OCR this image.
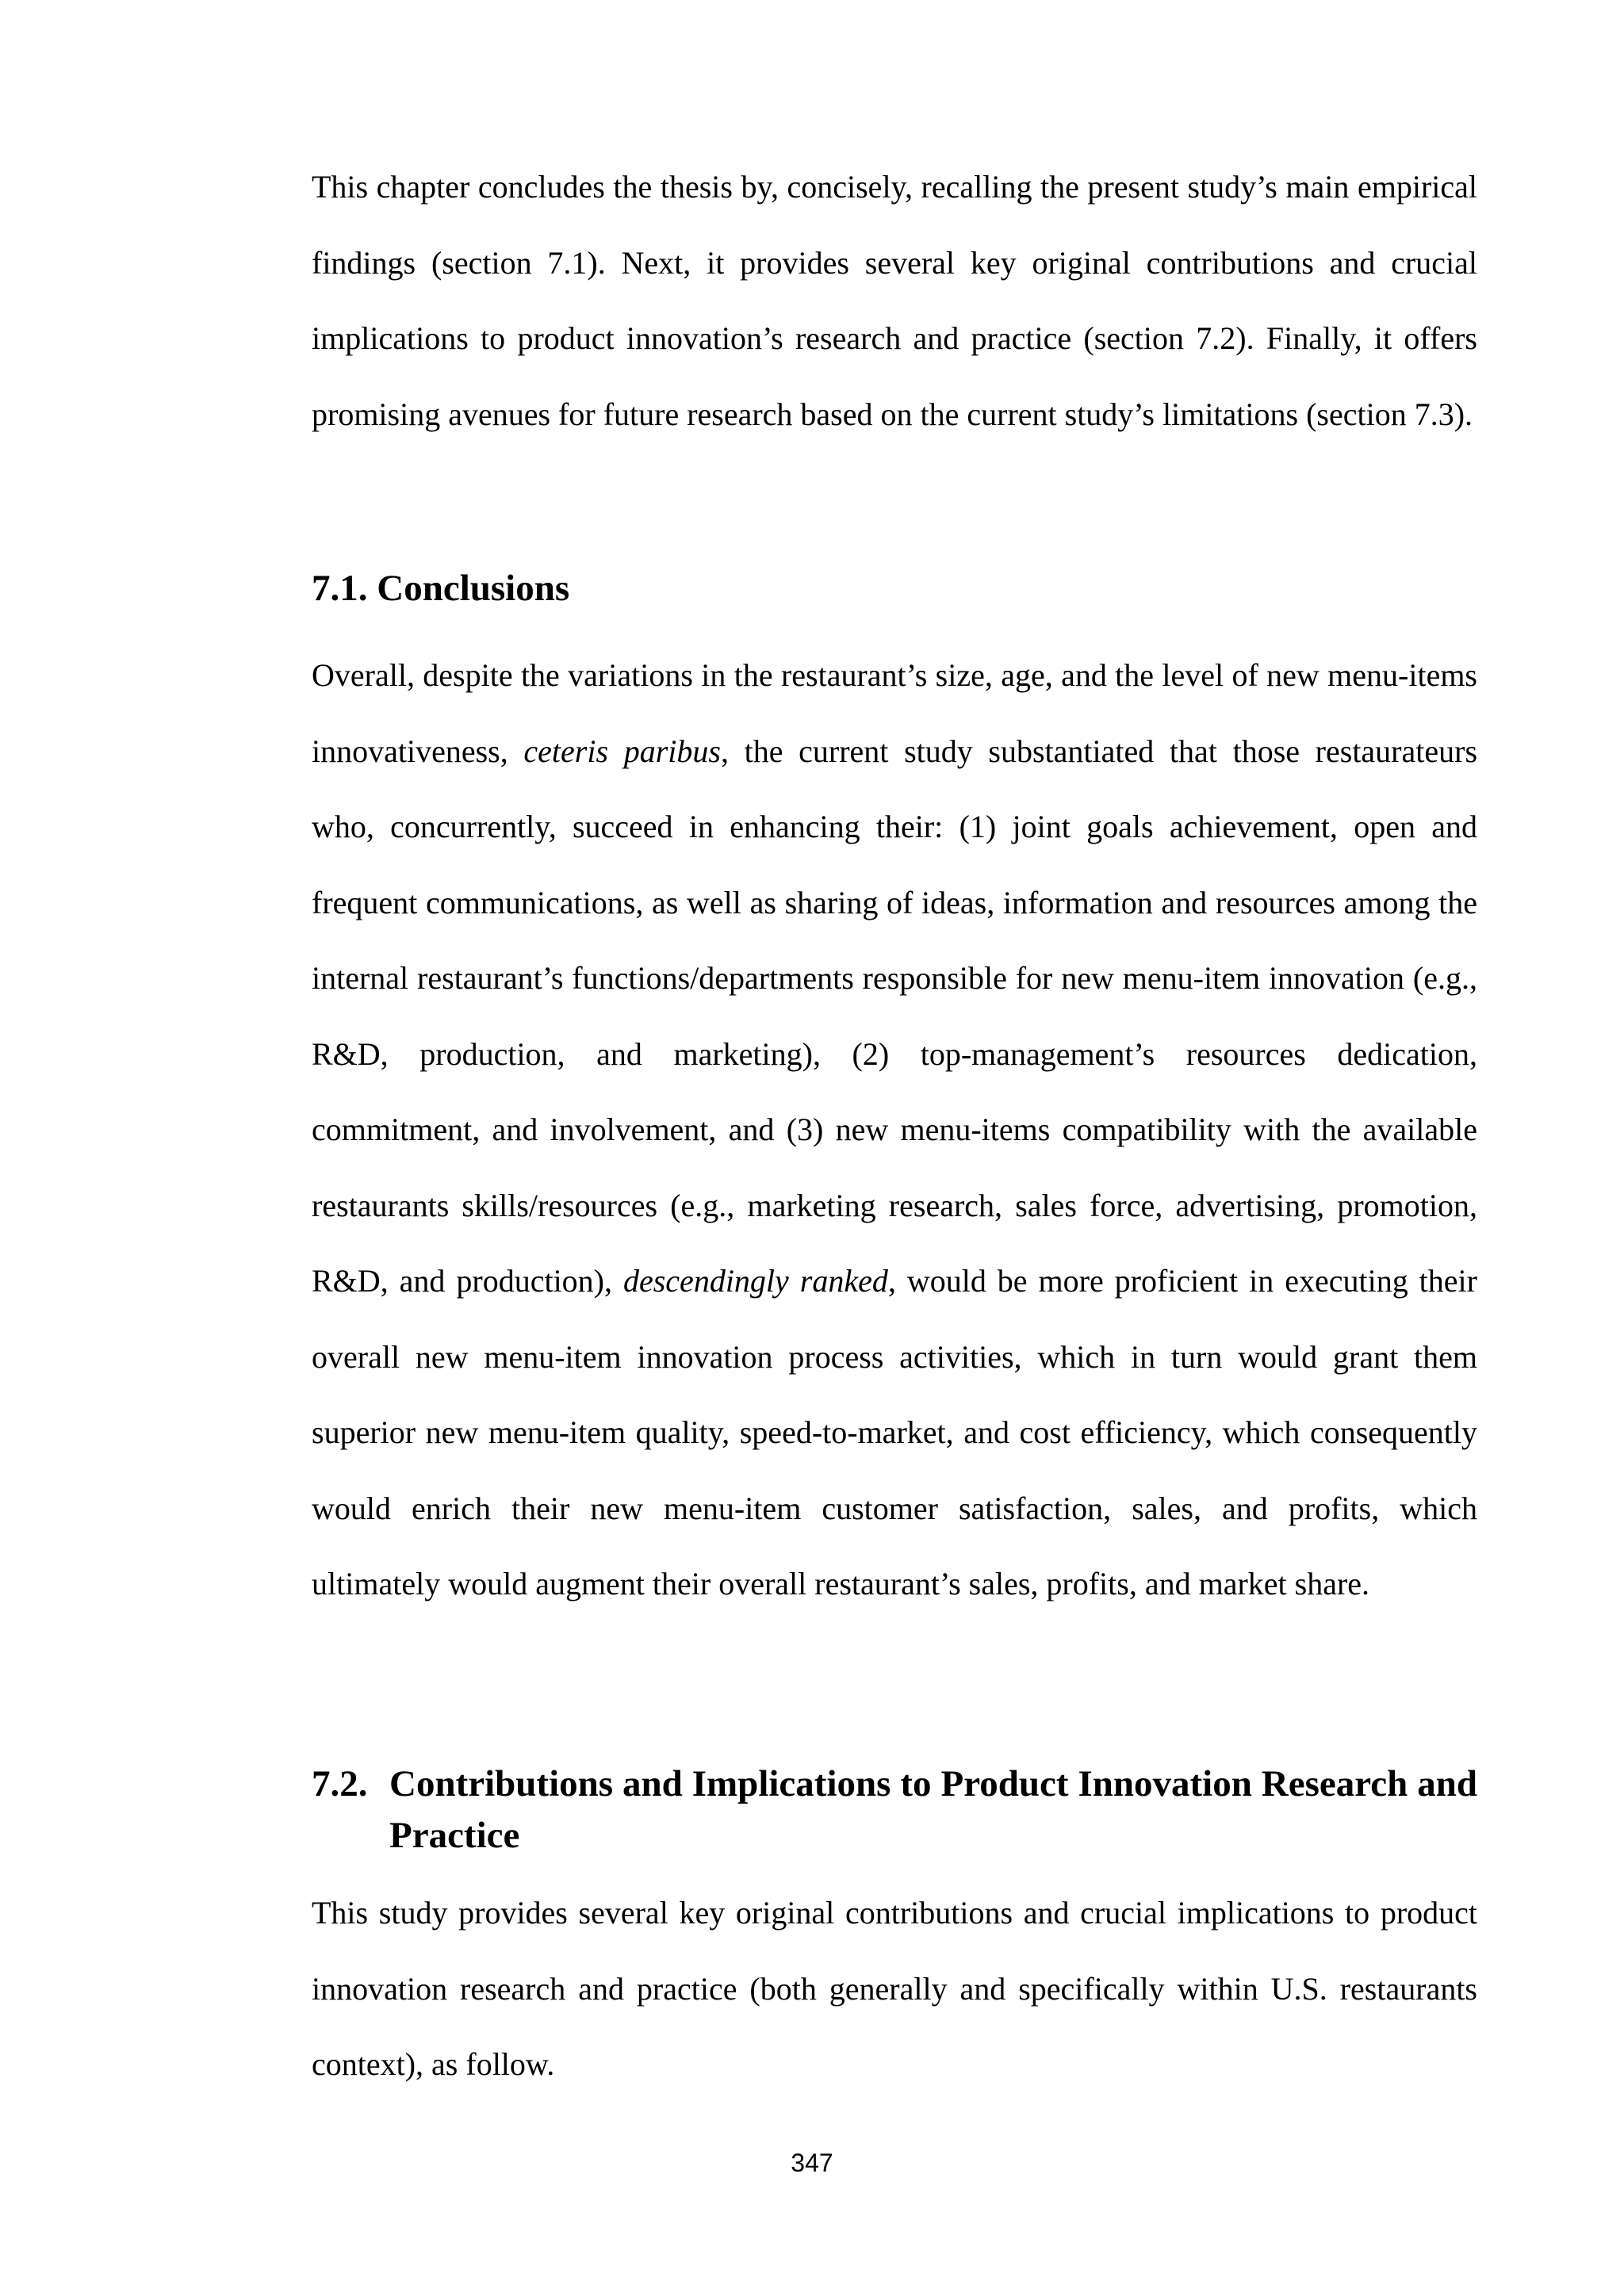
This chapter concludes the thesis by, concisely, recalling the present study’s main empirical findings (section 7.1). Next, it provides several key original contributions and crucial implications to product innovation’s research and practice (section 7.2). Finally, it offers promising avenues for future research based on the current study’s limitations (section 7.3).

7.1. Conclusions

Overall, despite the variations in the restaurant’s size, age, and the level of new menu-items innovativeness, ceteris paribus, the current study substantiated that those restaurateurs who, concurrently, succeed in enhancing their: (1) joint goals achievement, open and frequent communications, as well as sharing of ideas, information and resources among the internal restaurant’s functions/departments responsible for new menu-item innovation (e.g., R&D, production, and marketing), (2) top-management’s resources dedication, commitment, and involvement, and (3) new menu-items compatibility with the available restaurants skills/resources (e.g., marketing research, sales force, advertising, promotion, R&D, and production), descendingly ranked, would be more proficient in executing their overall new menu-item innovation process activities, which in turn would grant them superior new menu-item quality, speed-to-market, and cost efficiency, which consequently would enrich their new menu-item customer satisfaction, sales, and profits, which ultimately would augment their overall restaurant’s sales, profits, and market share.

7.2. Contributions and Implications to Product Innovation Research and Practice

This study provides several key original contributions and crucial implications to product innovation research and practice (both generally and specifically within U.S. restaurants context), as follow.

347
